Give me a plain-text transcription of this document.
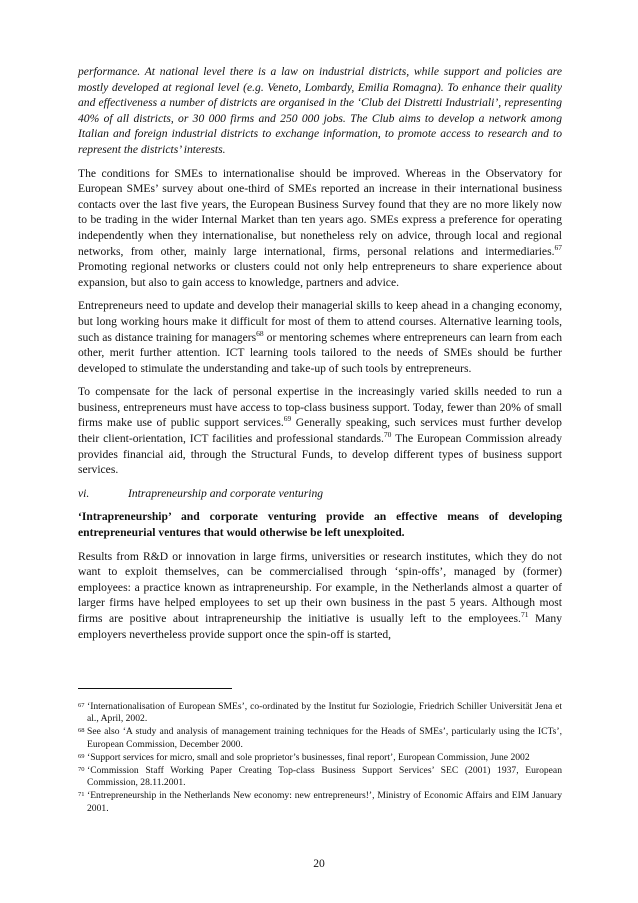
performance. At national level there is a law on industrial districts, while support and policies are mostly developed at regional level (e.g. Veneto, Lombardy, Emilia Romagna). To enhance their quality and effectiveness a number of districts are organised in the ‘Club dei Distretti Industriali’, representing 40% of all districts, or 30 000 firms and 250 000 jobs. The Club aims to develop a network among Italian and foreign industrial districts to exchange information, to promote access to research and to represent the districts’ interests.

The conditions for SMEs to internationalise should be improved. Whereas in the Observatory for European SMEs’ survey about one-third of SMEs reported an increase in their international business contacts over the last five years, the European Business Survey found that they are no more likely now to be trading in the wider Internal Market than ten years ago. SMEs express a preference for operating independently when they internationalise, but nonetheless rely on advice, through local and regional networks, from other, mainly large international, firms, personal relations and intermediaries.$^{67}$ Promoting regional networks or clusters could not only help entrepreneurs to share experience about expansion, but also to gain access to knowledge, partners and advice.

Entrepreneurs need to update and develop their managerial skills to keep ahead in a changing economy, but long working hours make it difficult for most of them to attend courses. Alternative learning tools, such as distance training for managers$^{68}$ or mentoring schemes where entrepreneurs can learn from each other, merit further attention. ICT learning tools tailored to the needs of SMEs should be further developed to stimulate the understanding and take-up of such tools by entrepreneurs.

To compensate for the lack of personal expertise in the increasingly varied skills needed to run a business, entrepreneurs must have access to top-class business support. Today, fewer than 20% of small firms make use of public support services.$^{69}$ Generally speaking, such services must further develop their client-orientation, ICT facilities and professional standards.$^{70}$ The European Commission already provides financial aid, through the Structural Funds, to develop different types of business support services.

vi.	Intrapreneurship and corporate venturing

‘Intrapreneurship’ and corporate venturing provide an effective means of developing entrepreneurial ventures that would otherwise be left unexploited.

Results from R&D or innovation in large firms, universities or research institutes, which they do not want to exploit themselves, can be commercialised through ‘spin-offs’, managed by (former) employees: a practice known as intrapreneurship. For example, in the Netherlands almost a quarter of larger firms have helped employees to set up their own business in the past 5 years. Although most firms are positive about intrapreneurship the initiative is usually left to the employees.$^{71}$ Many employers nevertheless provide support once the spin-off is started,

67 ‘Internationalisation of European SMEs’, co-ordinated by the Institut fur Soziologie, Friedrich Schiller Universität Jena et al., April, 2002.
68 See also ‘A study and analysis of management training techniques for the Heads of SMEs’, particularly using the ICTs’, European Commission, December 2000.
69 ‘Support services for micro, small and sole proprietor’s businesses, final report’, European Commission, June 2002
70 ‘Commission Staff Working Paper Creating Top-class Business Support Services’ SEC (2001) 1937, European Commission, 28.11.2001.
71 ‘Entrepreneurship in the Netherlands New economy: new entrepreneurs!’, Ministry of Economic Affairs and EIM January 2001.
20
